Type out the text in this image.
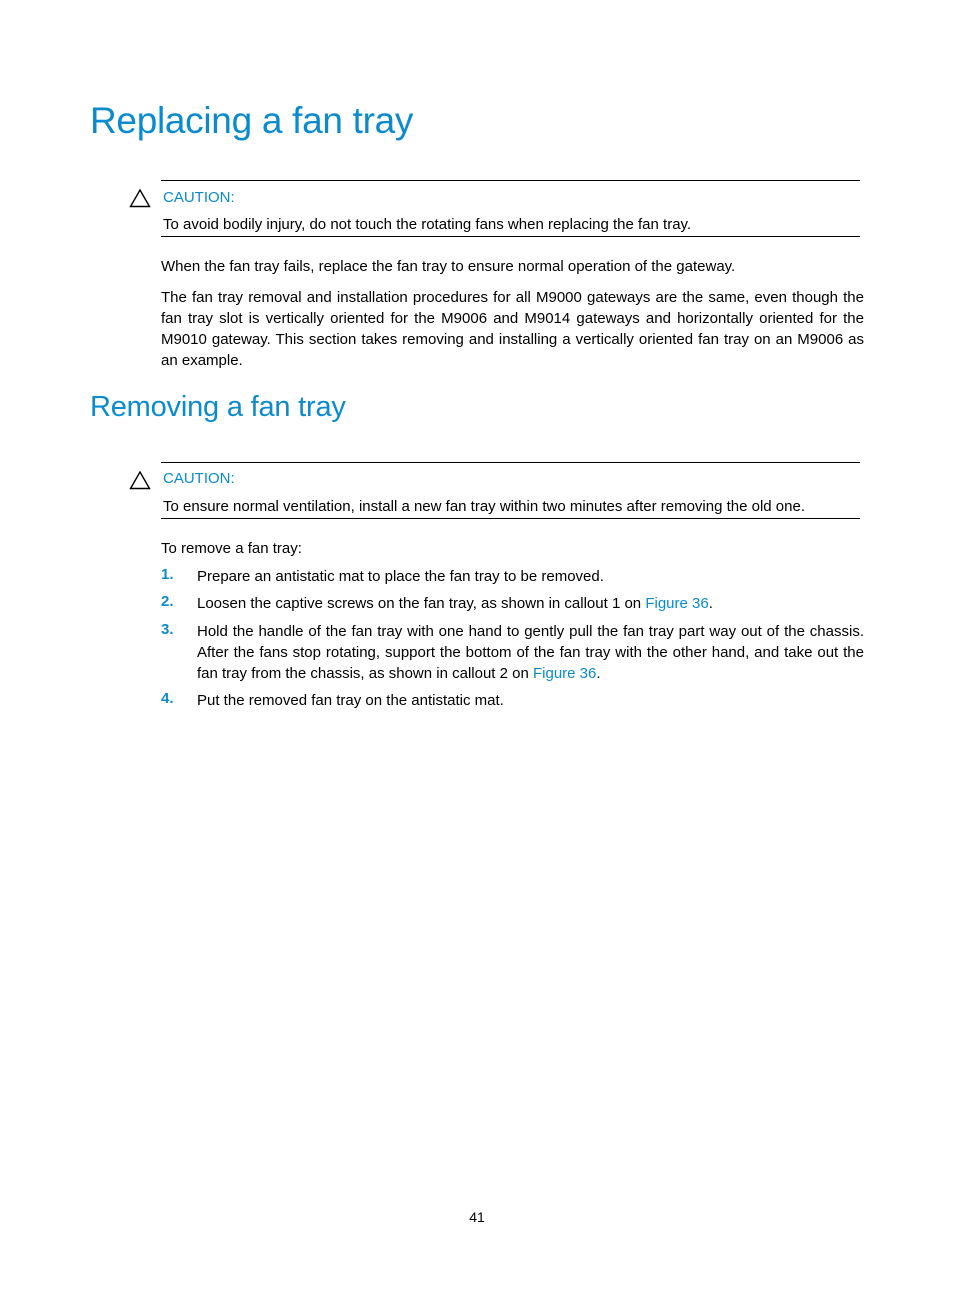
Replacing a fan tray
CAUTION:
To avoid bodily injury, do not touch the rotating fans when replacing the fan tray.

When the fan tray fails, replace the fan tray to ensure normal operation of the gateway.

The fan tray removal and installation procedures for all M9000 gateways are the same, even though the fan tray slot is vertically oriented for the M9006 and M9014 gateways and horizontally oriented for the M9010 gateway. This section takes removing and installing a vertically oriented fan tray on an M9006 as an example.

Removing a fan tray
CAUTION:
To ensure normal ventilation, install a new fan tray within two minutes after removing the old one.

To remove a fan tray:

1. Prepare an antistatic mat to place the fan tray to be removed.

2. Loosen the captive screws on the fan tray, as shown in callout 1 on Figure 36.

3. Hold the handle of the fan tray with one hand to gently pull the fan tray part way out of the chassis. After the fans stop rotating, support the bottom of the fan tray with the other hand, and take out the fan tray from the chassis, as shown in callout 2 on Figure 36.

4. Put the removed fan tray on the antistatic mat.

41
